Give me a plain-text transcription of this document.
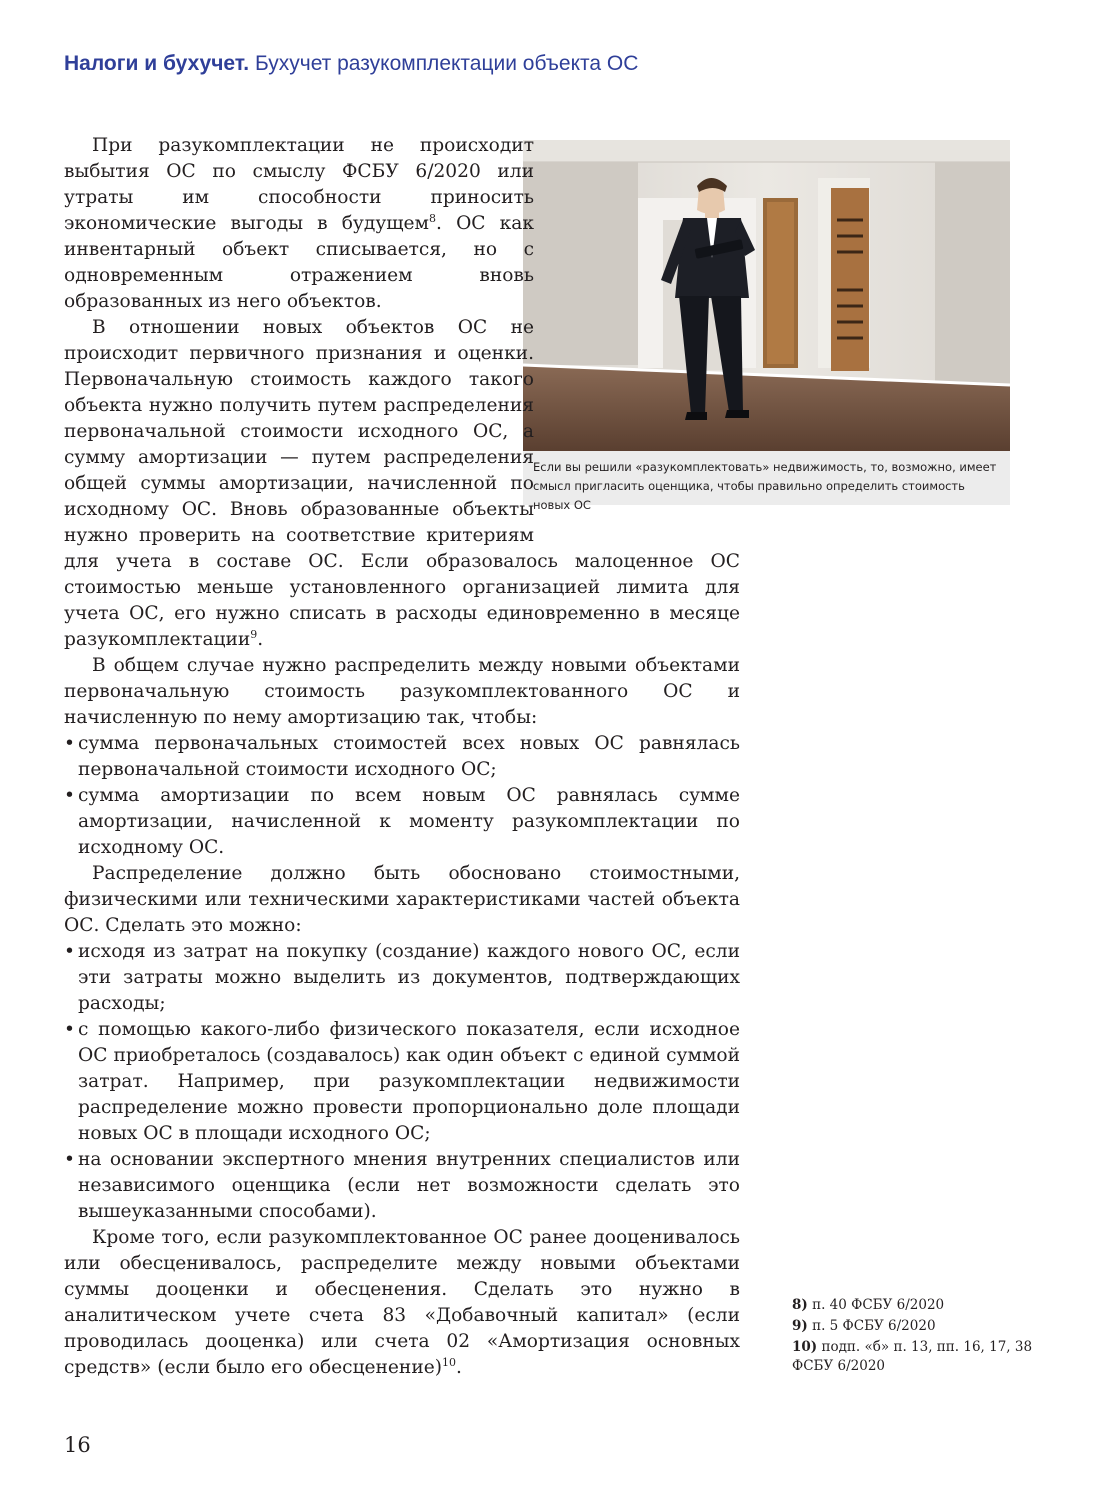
Налоги и бухучет. Бухучет разукомплектации объекта ОС
Если вы решили «разукомплектовать» недвижимость, то, возможно, имеет смысл пригласить оценщика, чтобы правильно определить стоимость новых ОС

При разукомплектации не происходит выбытия ОС по смыслу ФСБУ 6/2020 или утраты им способности приносить экономические выгоды в будущем$^8$. ОС как инвентарный объект списывается, но с одновременным отражением вновь образованных из него объектов.

В отношении новых объектов ОС не происходит первичного признания и оценки. Первоначальную стоимость каждого такого объекта нужно получить путем распределения первоначальной стоимости исходного ОС, а сумму амортизации — путем распределения общей суммы амортизации, начисленной по исходному ОС. Вновь образованные объекты нужно проверить на соответствие критериям для учета в составе ОС. Если образовалось малоценное ОС стоимостью меньше установленного организацией лимита для учета ОС, его нужно списать в расходы единовременно в месяце разукомплектации$^9$.

В общем случае нужно распределить между новыми объектами первоначальную стоимость разукомплектованного ОС и начисленную по нему амортизацию так, чтобы:

• сумма первоначальных стоимостей всех новых ОС равнялась первоначальной стоимости исходного ОС;
• сумма амортизации по всем новым ОС равнялась сумме амортизации, начисленной к моменту разукомплектации по исходному ОС.

Распределение должно быть обосновано стоимостными, физическими или техническими характеристиками частей объекта ОС. Сделать это можно:

• исходя из затрат на покупку (создание) каждого нового ОС, если эти затраты можно выделить из документов, подтверждающих расходы;
• с помощью какого-либо физического показателя, если исходное ОС приобреталось (создавалось) как один объект с единой суммой затрат. Например, при разукомплектации недвижимости распределение можно провести пропорционально доле площади новых ОС в площади исходного ОС;
• на основании экспертного мнения внутренних специалистов или независимого оценщика (если нет возможности сделать это вышеуказанными способами).

Кроме того, если разукомплектованное ОС ранее дооценивалось или обесценивалось, распределите между новыми объектами суммы дооценки и обесценения. Сделать это нужно в аналитическом учете счета 83 «Добавочный капитал» (если проводилась дооценка) или счета 02 «Амортизация основных средств» (если было его обесценение)$^{10}$.

8) п. 40 ФСБУ 6/2020
9) п. 5 ФСБУ 6/2020
10) подп. «б» п. 13, пп. 16, 17, 38 ФСБУ 6/2020
16
